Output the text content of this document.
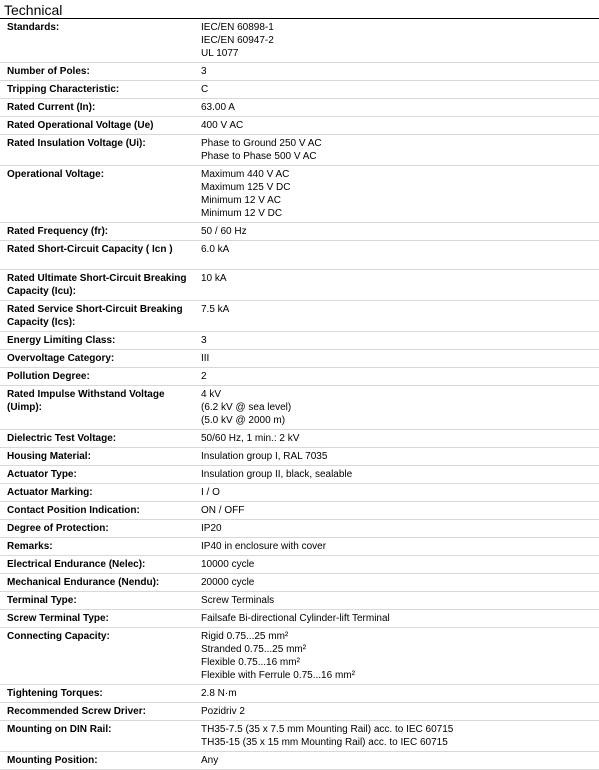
Technical
Standards:	IEC/EN 60898-1
IEC/EN 60947-2
UL 1077

Number of Poles:	3

Tripping Characteristic:	C

Rated Current (In):	63.00 A

Rated Operational Voltage (Ue)	400 V AC

Rated Insulation Voltage (Ui):	Phase to Ground 250 V AC
Phase to Phase 500 V AC

Operational Voltage:	Maximum 440 V AC
Maximum 125 V DC
Minimum 12 V AC
Minimum 12 V DC

Rated Frequency (fr):	50 / 60 Hz

Rated Short-Circuit Capacity ( Icn )	6.0 kA

Rated Ultimate Short-Circuit Breaking Capacity (Icu):	10 kA

Rated Service Short-Circuit Breaking Capacity (Ics):	7.5 kA

Energy Limiting Class:	3

Overvoltage Category:	III

Pollution Degree:	2

Rated Impulse Withstand Voltage (Uimp):	4 kV
(6.2 kV @ sea level)
(5.0 kV @ 2000 m)

Dielectric Test Voltage:	50/60 Hz, 1 min.: 2 kV

Housing Material:	Insulation group I, RAL 7035

Actuator Type:	Insulation group II, black, sealable

Actuator Marking:	I / O

Contact Position Indication:	ON / OFF

Degree of Protection:	IP20

Remarks:	IP40 in enclosure with cover

Electrical Endurance (Nelec):	10000 cycle

Mechanical Endurance (Nendu):	20000 cycle

Terminal Type:	Screw Terminals

Screw Terminal Type:	Failsafe Bi-directional Cylinder-lift Terminal

Connecting Capacity:	Rigid 0.75...25 mm²
Stranded 0.75...25 mm²
Flexible 0.75...16 mm²
Flexible with Ferrule 0.75...16 mm²

Tightening Torques:	2.8 N·m

Recommended Screw Driver:	Pozidriv 2

Mounting on DIN Rail:	TH35-7.5 (35 x 7.5 mm Mounting Rail) acc. to IEC 60715
TH35-15 (35 x 15 mm Mounting Rail) acc. to IEC 60715

Mounting Position:	Any
